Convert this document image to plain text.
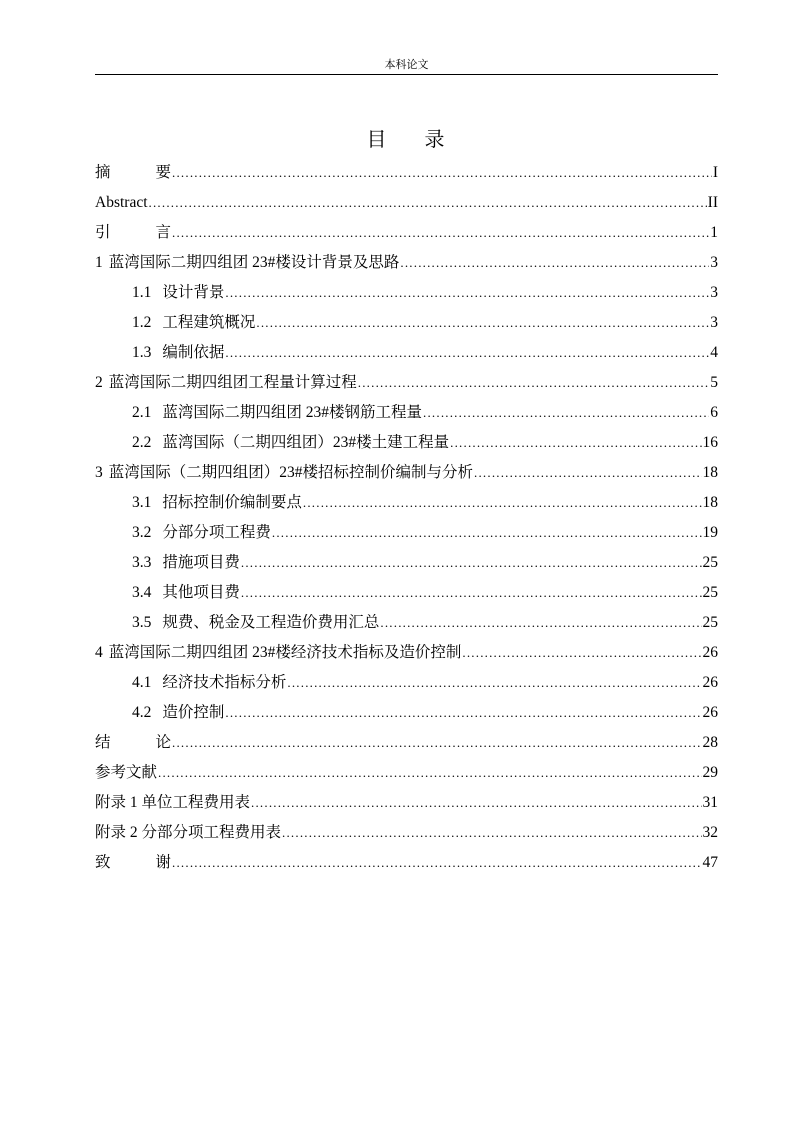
本科论文
目 录
摘	要 .....	I
Abstract .....	II
引	言 .....	1
1 蓝湾国际二期四组团 23#楼设计背景及思路 .....	3
1.1 设计背景 .....	3
1.2 工程建筑概况 .....	3
1.3 编制依据 .....	4
2 蓝湾国际二期四组团工程量计算过程 .....	5
2.1 蓝湾国际二期四组团 23#楼钢筋工程量 .....	6
2.2 蓝湾国际（二期四组团）23#楼土建工程量 .....	16
3 蓝湾国际（二期四组团）23#楼招标控制价编制与分析 .....	18
3.1 招标控制价编制要点 .....	18
3.2 分部分项工程费 .....	19
3.3 措施项目费 .....	25
3.4 其他项目费 .....	25
3.5 规费、税金及工程造价费用汇总 .....	25
4 蓝湾国际二期四组团 23#楼经济技术指标及造价控制 .....	26
4.1 经济技术指标分析 .....	26
4.2 造价控制 .....	26
结	论 .....	28
参考文献 .....	29
附录 1 单位工程费用表 .....	31
附录 2 分部分项工程费用表 .....	32
致	谢 .....	47
